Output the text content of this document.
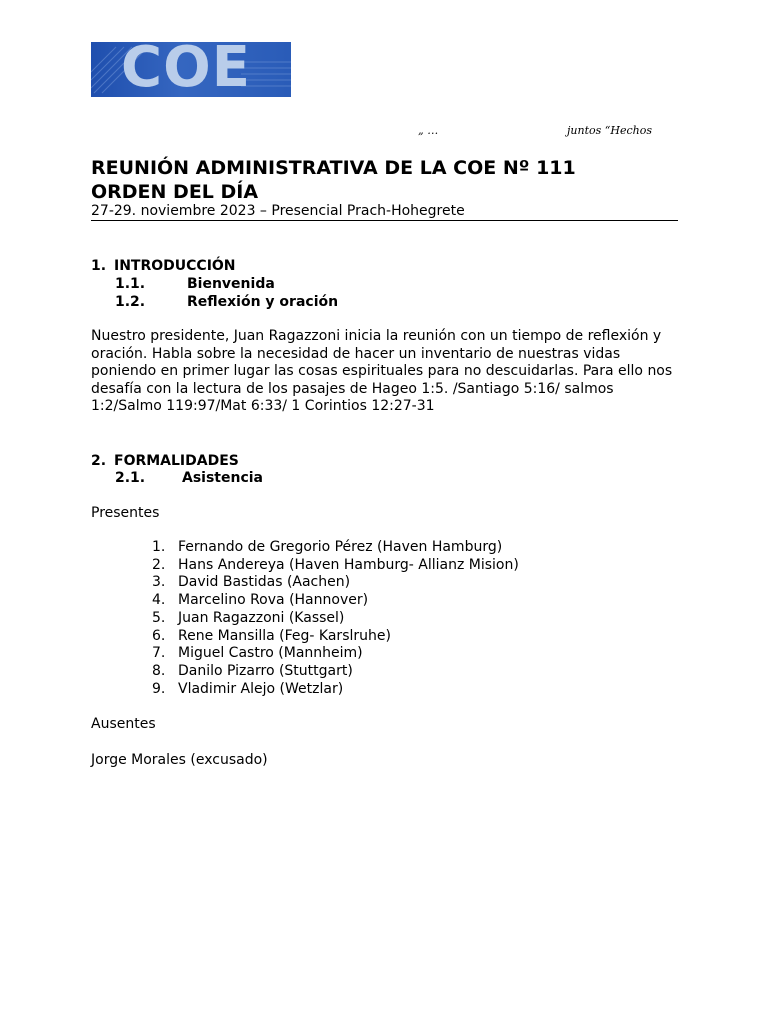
COE
„ …	juntos “Hechos
REUNIÓN ADMINISTRATIVA DE LA COE Nº 111
ORDEN DEL DÍA
27-29. noviembre 2023 – Presencial Prach-Hohegrete
1. INTRODUCCIÓN
1.1.	Bienvenida
1.2.	Reflexión y oración
Nuestro presidente, Juan Ragazzoni inicia la reunión con un tiempo de reflexión y oración. Habla sobre la necesidad de hacer un inventario de nuestras vidas poniendo en primer lugar las cosas espirituales para no descuidarlas. Para ello nos desafía con la lectura de los pasajes de Hageo 1:5. /Santiago 5:16/ salmos 1:2/Salmo 119:97/Mat 6:33/ 1 Corintios 12:27-31
2. FORMALIDADES
2.1.	Asistencia
Presentes
1. Fernando de Gregorio Pérez (Haven Hamburg)
2. Hans Andereya (Haven Hamburg- Allianz Mision)
3. David Bastidas (Aachen)
4. Marcelino Rova (Hannover)
5. Juan Ragazzoni (Kassel)
6. Rene Mansilla (Feg- Karslruhe)
7. Miguel Castro (Mannheim)
8. Danilo Pizarro (Stuttgart)
9. Vladimir Alejo (Wetzlar)
Ausentes
Jorge Morales (excusado)
